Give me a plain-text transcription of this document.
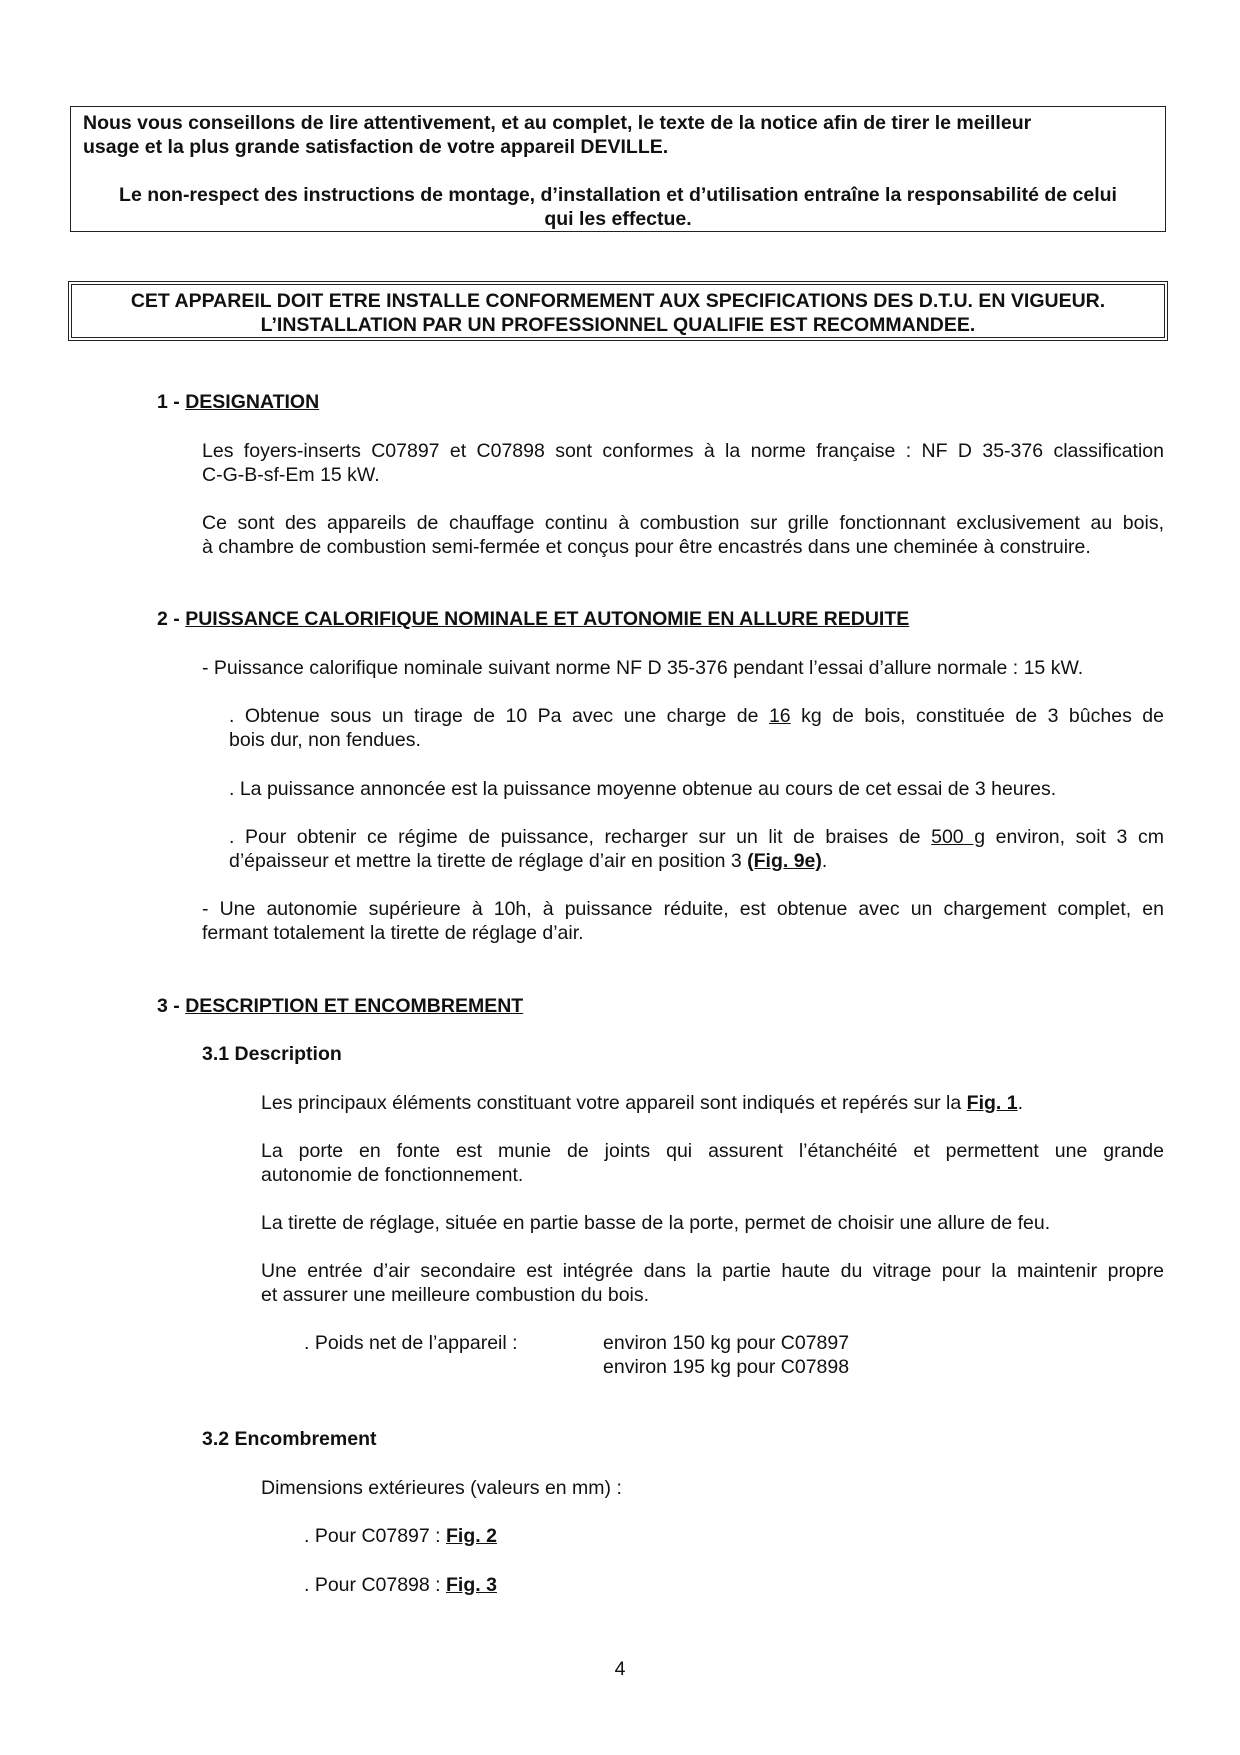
Nous vous conseillons de lire attentivement, et au complet, le texte de la notice afin de tirer le meilleur
usage et la plus grande satisfaction de votre appareil DEVILLE.
Le non-respect des instructions de montage, d’installation et d’utilisation entraîne la responsabilité de celui
qui les effectue.
CET APPAREIL DOIT ETRE INSTALLE CONFORMEMENT AUX SPECIFICATIONS DES D.T.U. EN VIGUEUR.
L’INSTALLATION PAR UN PROFESSIONNEL QUALIFIE EST RECOMMANDEE.
1 - DESIGNATION
Les foyers-inserts C07897 et C07898 sont conformes à la norme française : NF D 35-376 classification
C-G-B-sf-Em 15 kW.
Ce sont des appareils de chauffage continu à combustion sur grille fonctionnant exclusivement au bois,
à chambre de combustion semi-fermée et conçus pour être encastrés dans une cheminée à construire.
2 - PUISSANCE CALORIFIQUE NOMINALE ET AUTONOMIE EN ALLURE REDUITE
- Puissance calorifique nominale suivant norme NF D 35-376 pendant l’essai d’allure normale : 15 kW.
. Obtenue sous un tirage de 10 Pa avec une charge de 16 kg de bois, constituée de 3 bûches de
bois dur, non fendues.
. La puissance annoncée est la puissance moyenne obtenue au cours de cet essai de 3 heures.
. Pour obtenir ce régime de puissance, recharger sur un lit de braises de 500 g environ, soit 3 cm
d’épaisseur et mettre la tirette de réglage d’air en position 3 (Fig. 9e).
- Une autonomie supérieure à 10h, à puissance réduite, est obtenue avec un chargement complet, en
fermant totalement la tirette de réglage d’air.
3 - DESCRIPTION ET ENCOMBREMENT
3.1 Description
Les principaux éléments constituant votre appareil sont indiqués et repérés sur la Fig. 1.
La porte en fonte est munie de joints qui assurent l’étanchéité et permettent une grande
autonomie de fonctionnement.
La tirette de réglage, située en partie basse de la porte, permet de choisir une allure de feu.
Une entrée d’air secondaire est intégrée dans la partie haute du vitrage pour la maintenir propre
et assurer une meilleure combustion du bois.
. Poids net de l’appareil :	environ 150 kg pour C07897
environ 195 kg pour C07898
3.2 Encombrement
Dimensions extérieures (valeurs en mm) :
. Pour C07897 : Fig. 2
. Pour C07898 : Fig. 3
4
